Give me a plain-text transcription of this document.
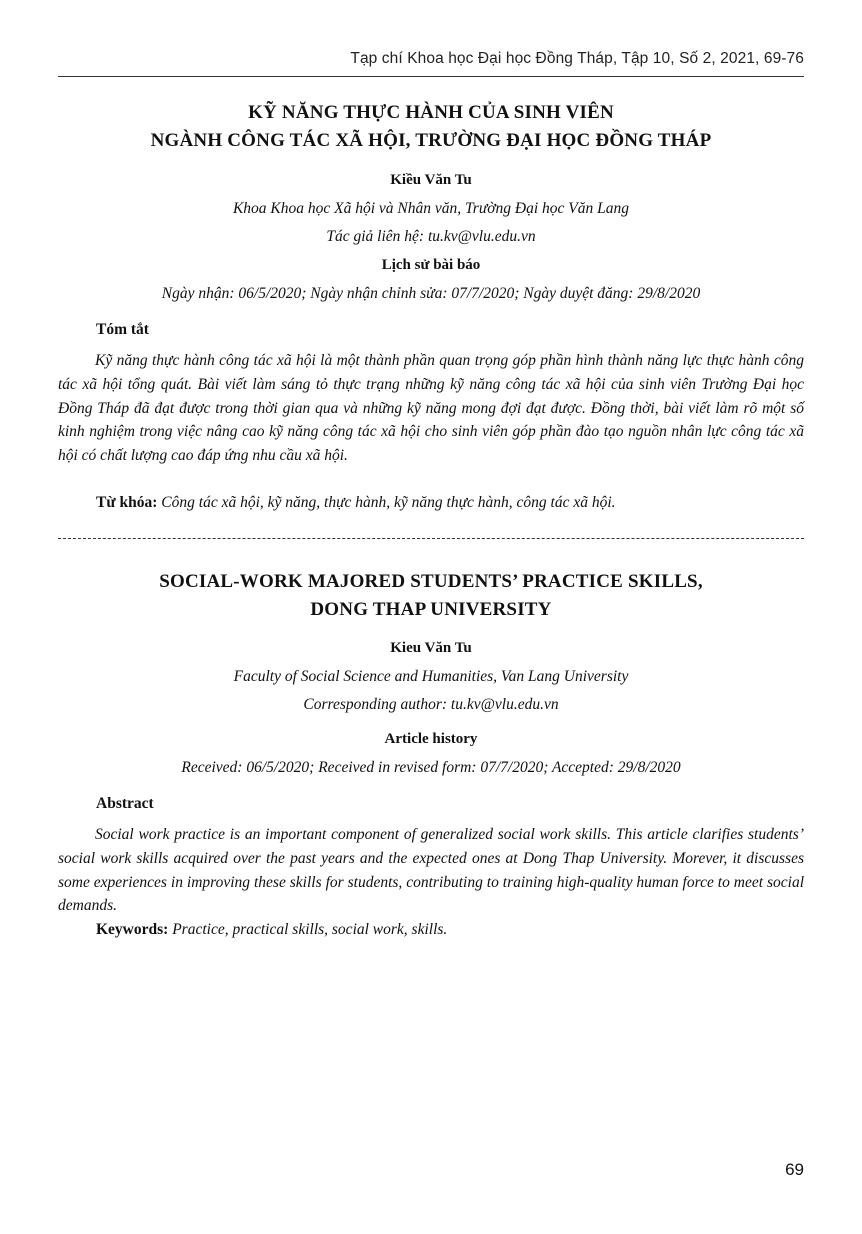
Tạp chí Khoa học Đại học Đồng Tháp, Tập 10, Số 2, 2021, 69-76
KỸ NĂNG THỰC HÀNH CỦA SINH VIÊN
NGÀNH CÔNG TÁC XÃ HỘI, TRƯỜNG ĐẠI HỌC ĐỒNG THÁP
Kiều Văn Tu
Khoa Khoa học Xã hội và Nhân văn, Trường Đại học Văn Lang
Tác giả liên hệ: tu.kv@vlu.edu.vn
Lịch sử bài báo
Ngày nhận: 06/5/2020; Ngày nhận chỉnh sửa: 07/7/2020; Ngày duyệt đăng: 29/8/2020
Tóm tắt
Kỹ năng thực hành công tác xã hội là một thành phần quan trọng góp phần hình thành năng lực thực hành công tác xã hội tổng quát. Bài viết làm sáng tỏ thực trạng những kỹ năng công tác xã hội của sinh viên Trường Đại học Đồng Tháp đã đạt được trong thời gian qua và những kỹ năng mong đợi đạt được. Đồng thời, bài viết làm rõ một số kinh nghiệm trong việc nâng cao kỹ năng công tác xã hội cho sinh viên góp phần đào tạo nguồn nhân lực công tác xã hội có chất lượng cao đáp ứng nhu cầu xã hội.
Từ khóa: Công tác xã hội, kỹ năng, thực hành, kỹ năng thực hành, công tác xã hội.
SOCIAL-WORK MAJORED STUDENTS’ PRACTICE SKILLS,
DONG THAP UNIVERSITY
Kieu Văn Tu
Faculty of Social Science and Humanities, Van Lang University
Corresponding author: tu.kv@vlu.edu.vn
Article history
Received: 06/5/2020; Received in revised form: 07/7/2020; Accepted: 29/8/2020
Abstract
Social work practice is an important component of generalized social work skills. This article clarifies students’ social work skills acquired over the past years and the expected ones at Dong Thap University. Morever, it discusses some experiences in improving these skills for students, contributing to training high-quality human force to meet social demands.
Keywords: Practice, practical skills, social work, skills.
69
